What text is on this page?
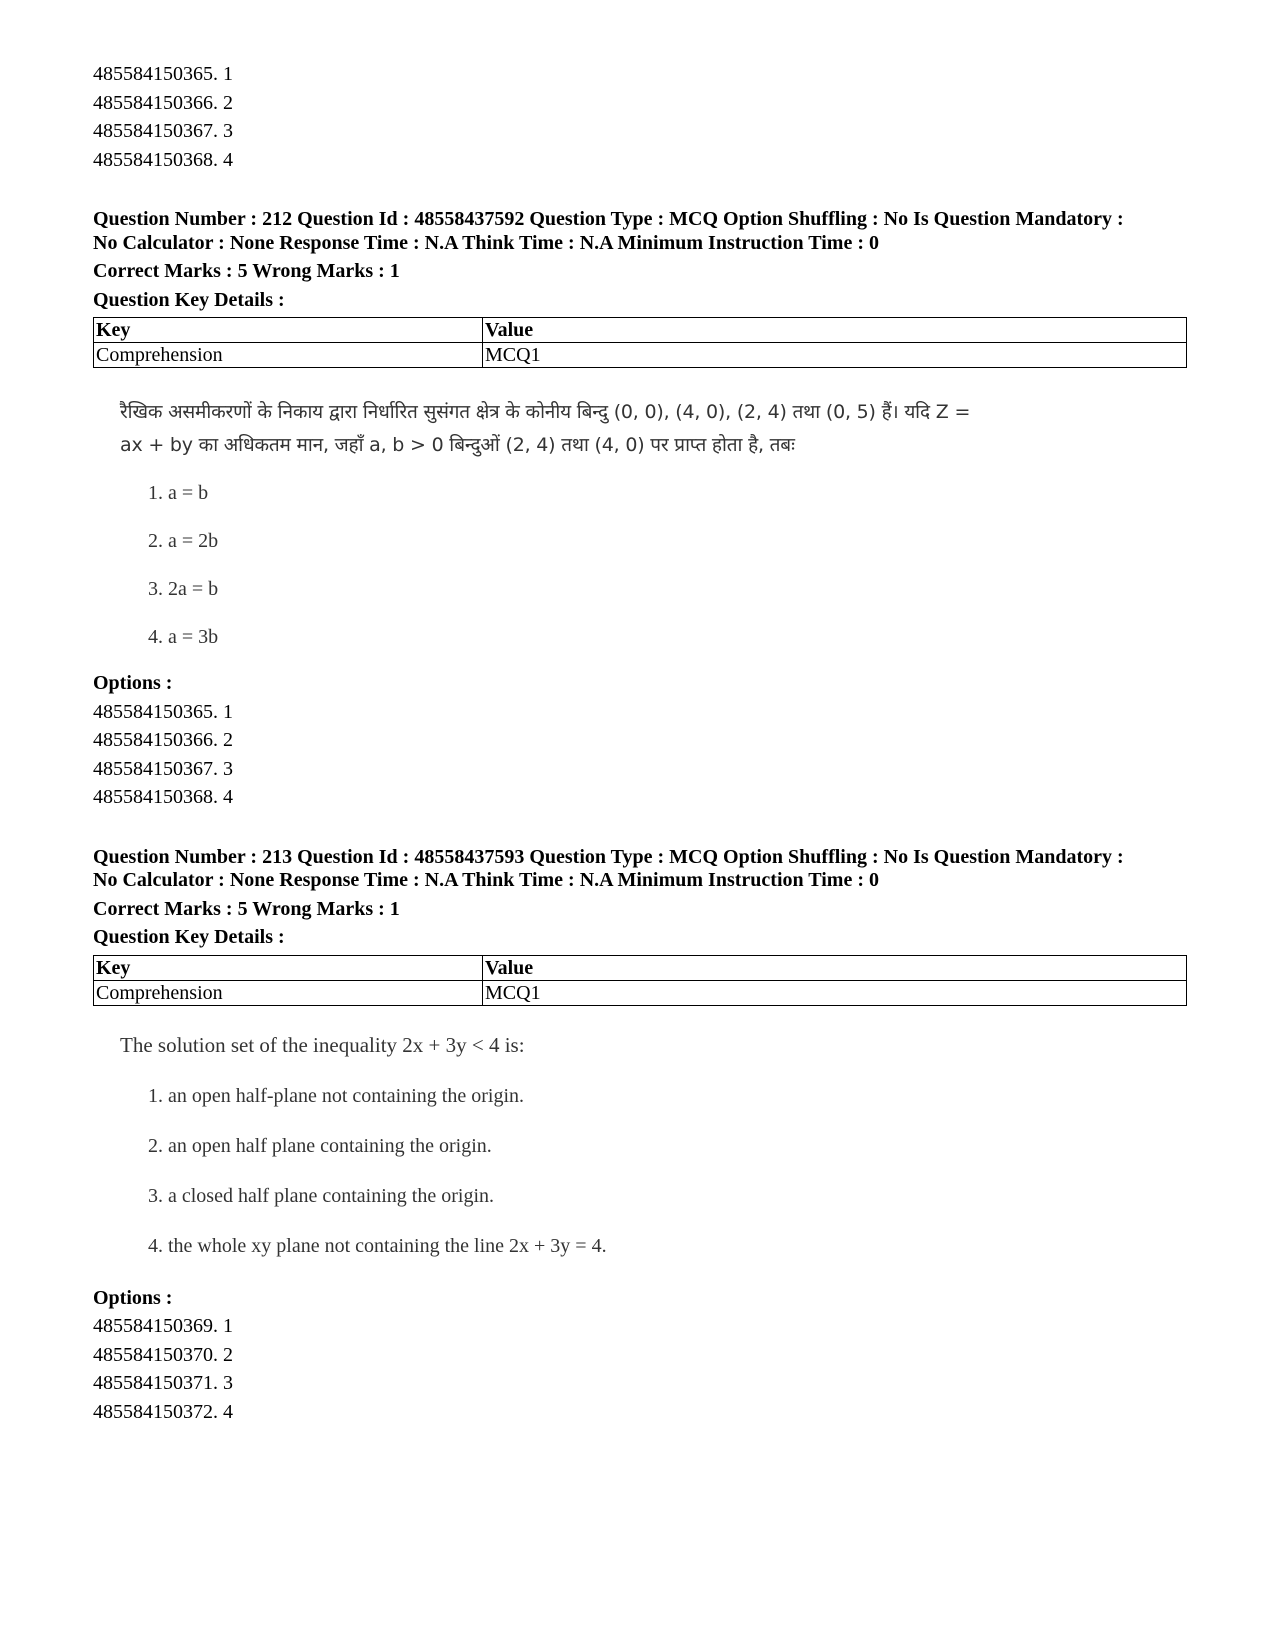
485584150365. 1

485584150366. 2

485584150367. 3

485584150368. 4

Question Number : 212 Question Id : 48558437592 Question Type : MCQ Option Shuffling : No Is Question Mandatory :
No Calculator : None Response Time : N.A Think Time : N.A Minimum Instruction Time : 0

Correct Marks : 5 Wrong Marks : 1

Question Key Details :

Key	Value
Comprehension	MCQ1

रैखिक असमीकरणों के निकाय द्वारा निर्धारित सुसंगत क्षेत्र के कोनीय बिन्दु (0, 0), (4, 0), (2, 4) तथा (0, 5) हैं। यदि Z =

ax + by का अधिकतम मान, जहाँ a, b > 0 बिन्दुओं (2, 4) तथा (4, 0) पर प्राप्त होता है, तबः

1. a = b

2. a = 2b

3. 2a = b

4. a = 3b

Options :

485584150365. 1

485584150366. 2

485584150367. 3

485584150368. 4

Question Number : 213 Question Id : 48558437593 Question Type : MCQ Option Shuffling : No Is Question Mandatory :
No Calculator : None Response Time : N.A Think Time : N.A Minimum Instruction Time : 0

Correct Marks : 5 Wrong Marks : 1

Question Key Details :

Key	Value
Comprehension	MCQ1

The solution set of the inequality 2x + 3y < 4 is:

1. an open half-plane not containing the origin.

2. an open half plane containing the origin.

3. a closed half plane containing the origin.

4. the whole xy plane not containing the line 2x + 3y = 4.

Options :

485584150369. 1

485584150370. 2

485584150371. 3

485584150372. 4
